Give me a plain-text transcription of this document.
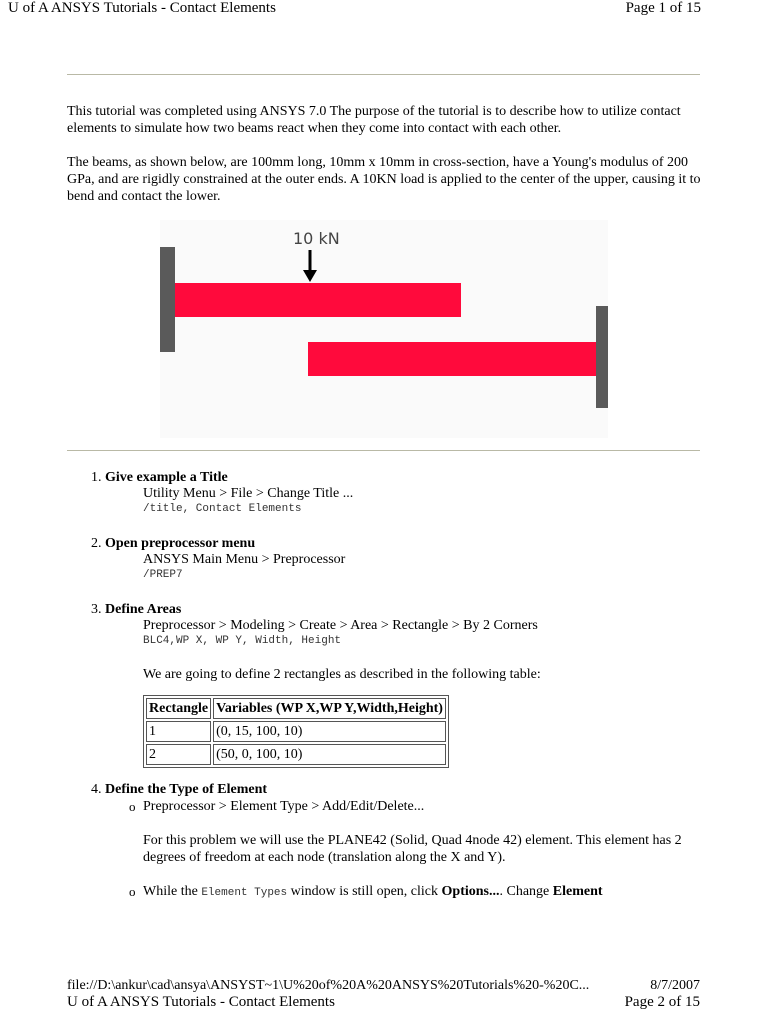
U of A ANSYS Tutorials - Contact Elements	Page 1 of 15
This tutorial was completed using ANSYS 7.0 The purpose of the tutorial is to describe how to utilize contact elements to simulate how two beams react when they come into contact with each other.
The beams, as shown below, are 100mm long, 10mm x 10mm in cross-section, have a Young's modulus of 200 GPa, and are rigidly constrained at the outer ends. A 10KN load is applied to the center of the upper, causing it to bend and contact the lower.
10 kN
1. Give example a Title
Utility Menu > File > Change Title ...
/title, Contact Elements
2. Open preprocessor menu
ANSYS Main Menu > Preprocessor
/PREP7
3. Define Areas
Preprocessor > Modeling > Create > Area > Rectangle > By 2 Corners
BLC4,WP X, WP Y, Width, Height
We are going to define 2 rectangles as described in the following table:
Rectangle	Variables (WP X,WP Y,Width,Height)
1	(0, 15, 100, 10)
2	(50, 0, 100, 10)
4. Define the Type of Element
o Preprocessor > Element Type > Add/Edit/Delete...
For this problem we will use the PLANE42 (Solid, Quad 4node 42) element. This element has 2 degrees of freedom at each node (translation along the X and Y).
o While the Element Types window is still open, click Options.... Change Element
file://D:\ankur\cad\ansya\ANSYST~1\U%20of%20A%20ANSYS%20Tutorials%20-%20C...	8/7/2007
U of A ANSYS Tutorials - Contact Elements	Page 2 of 15
